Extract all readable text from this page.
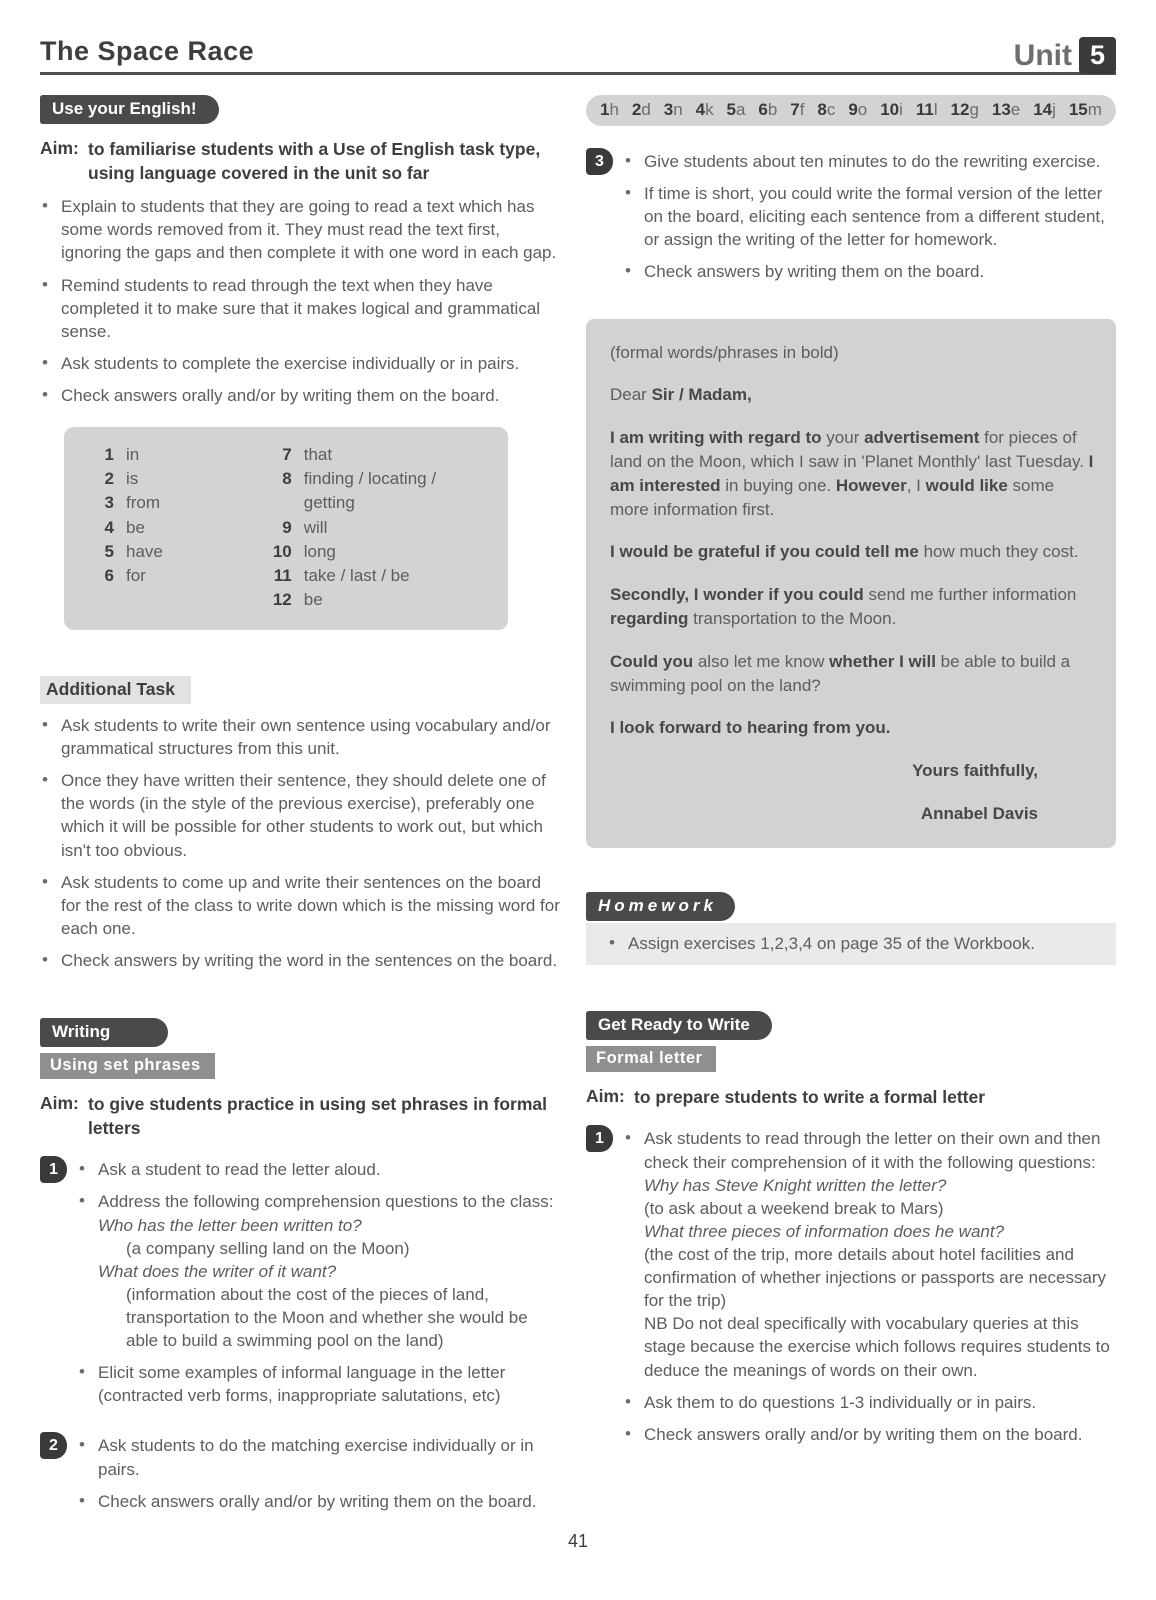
The Space Race	Unit 5
Use your English!
Aim: to familiarise students with a Use of English task type, using language covered in the unit so far
• Explain to students that they are going to read a text which has some words removed from it. They must read the text first, ignoring the gaps and then complete it with one word in each gap.
• Remind students to read through the text when they have completed it to make sure that it makes logical and grammatical sense.
• Ask students to complete the exercise individually or in pairs.
• Check answers orally and/or by writing them on the board.
1 in
2 is
3 from
4 be
5 have
6 for
7 that
8 finding / locating / getting
9 will
10 long
11 take / last / be
12 be
Additional Task
• Ask students to write their own sentence using vocabulary and/or grammatical structures from this unit.
• Once they have written their sentence, they should delete one of the words (in the style of the previous exercise), preferably one which it will be possible for other students to work out, but which isn't too obvious.
• Ask students to come up and write their sentences on the board for the rest of the class to write down which is the missing word for each one.
• Check answers by writing the word in the sentences on the board.
Writing
Using set phrases
Aim: to give students practice in using set phrases in formal letters
1	• Ask a student to read the letter aloud.
• Address the following comprehension questions to the class:
Who has the letter been written to?
(a company selling land on the Moon)
What does the writer of it want?
(information about the cost of the pieces of land, transportation to the Moon and whether she would be able to build a swimming pool on the land)
• Elicit some examples of informal language in the letter (contracted verb forms, inappropriate salutations, etc)
2	• Ask students to do the matching exercise individually or in pairs.
• Check answers orally and/or by writing them on the board.
1h 2d 3n 4k 5a 6b 7f 8c 9o 10i 11l 12g 13e 14j 15m
3	• Give students about ten minutes to do the rewriting exercise.
• If time is short, you could write the formal version of the letter on the board, eliciting each sentence from a different student, or assign the writing of the letter for homework.
• Check answers by writing them on the board.

(formal words/phrases in bold)

Dear Sir / Madam,

I am writing with regard to your advertisement for pieces of land on the Moon, which I saw in 'Planet Monthly' last Tuesday. I am interested in buying one. However, I would like some more information first.

I would be grateful if you could tell me how much they cost.

Secondly, I wonder if you could send me further information regarding transportation to the Moon.

Could you also let me know whether I will be able to build a swimming pool on the land?

I look forward to hearing from you.

Yours faithfully,

Annabel Davis

Homework
• Assign exercises 1,2,3,4 on page 35 of the Workbook.
Get Ready to Write
Formal letter
Aim: to prepare students to write a formal letter
1	• Ask students to read through the letter on their own and then check their comprehension of it with the following questions:
Why has Steve Knight written the letter?
(to ask about a weekend break to Mars)
What three pieces of information does he want?
(the cost of the trip, more details about hotel facilities and confirmation of whether injections or passports are necessary for the trip)
NB Do not deal specifically with vocabulary queries at this stage because the exercise which follows requires students to deduce the meanings of words on their own.
• Ask them to do questions 1-3 individually or in pairs.
• Check answers orally and/or by writing them on the board.
41
